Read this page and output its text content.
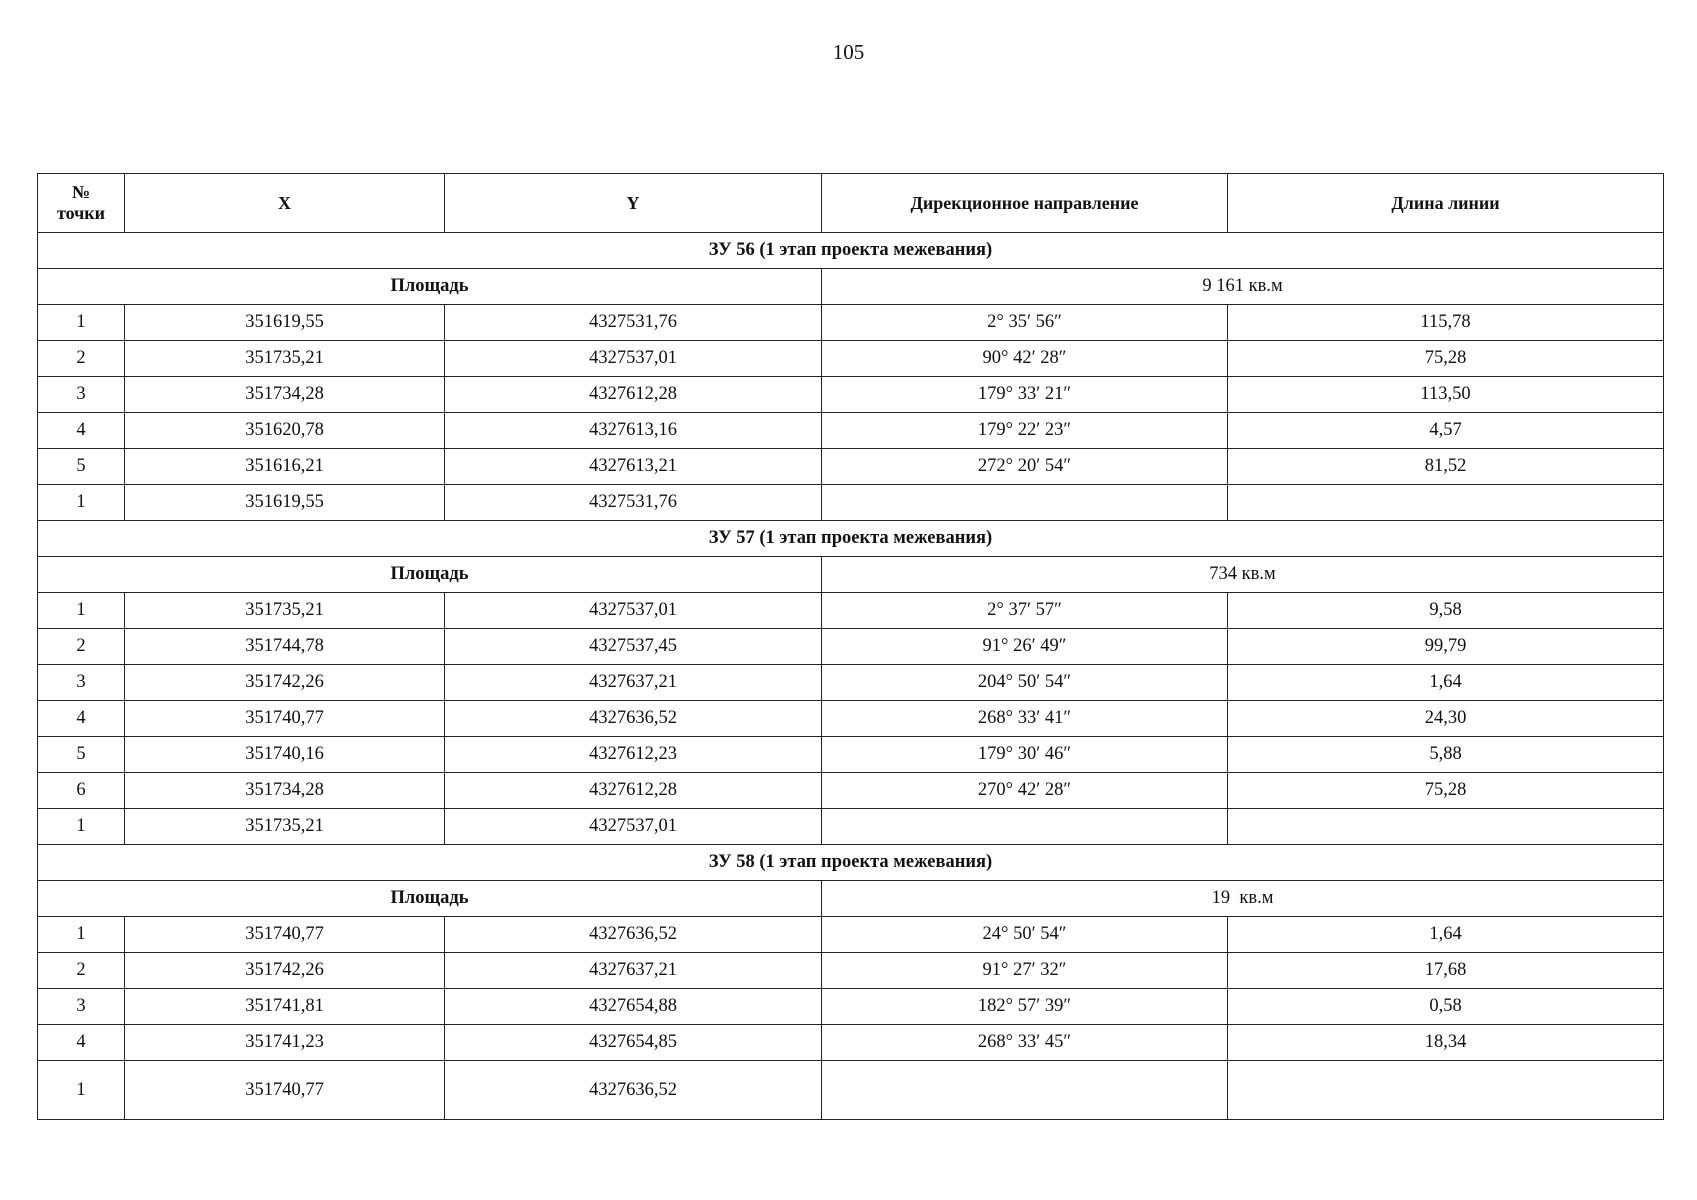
105
№
точки	X	Y	Дирекционное направление	Длина линии
ЗУ 56 (1 этап проекта межевания)				
Площадь			9 161 кв.м	
1	351619,55	4327531,76	2° 35′ 56″	115,78
2	351735,21	4327537,01	90° 42′ 28″	75,28
3	351734,28	4327612,28	179° 33′ 21″	113,50
4	351620,78	4327613,16	179° 22′ 23″	4,57
5	351616,21	4327613,21	272° 20′ 54″	81,52
1	351619,55	4327531,76		
ЗУ 57 (1 этап проекта межевания)				
Площадь			734 кв.м	
1	351735,21	4327537,01	2° 37′ 57″	9,58
2	351744,78	4327537,45	91° 26′ 49″	99,79
3	351742,26	4327637,21	204° 50′ 54″	1,64
4	351740,77	4327636,52	268° 33′ 41″	24,30
5	351740,16	4327612,23	179° 30′ 46″	5,88
6	351734,28	4327612,28	270° 42′ 28″	75,28
1	351735,21	4327537,01		
ЗУ 58 (1 этап проекта межевания)				
Площадь			19  кв.м	
1	351740,77	4327636,52	24° 50′ 54″	1,64
2	351742,26	4327637,21	91° 27′ 32″	17,68
3	351741,81	4327654,88	182° 57′ 39″	0,58
4	351741,23	4327654,85	268° 33′ 45″	18,34
1	351740,77	4327636,52		
